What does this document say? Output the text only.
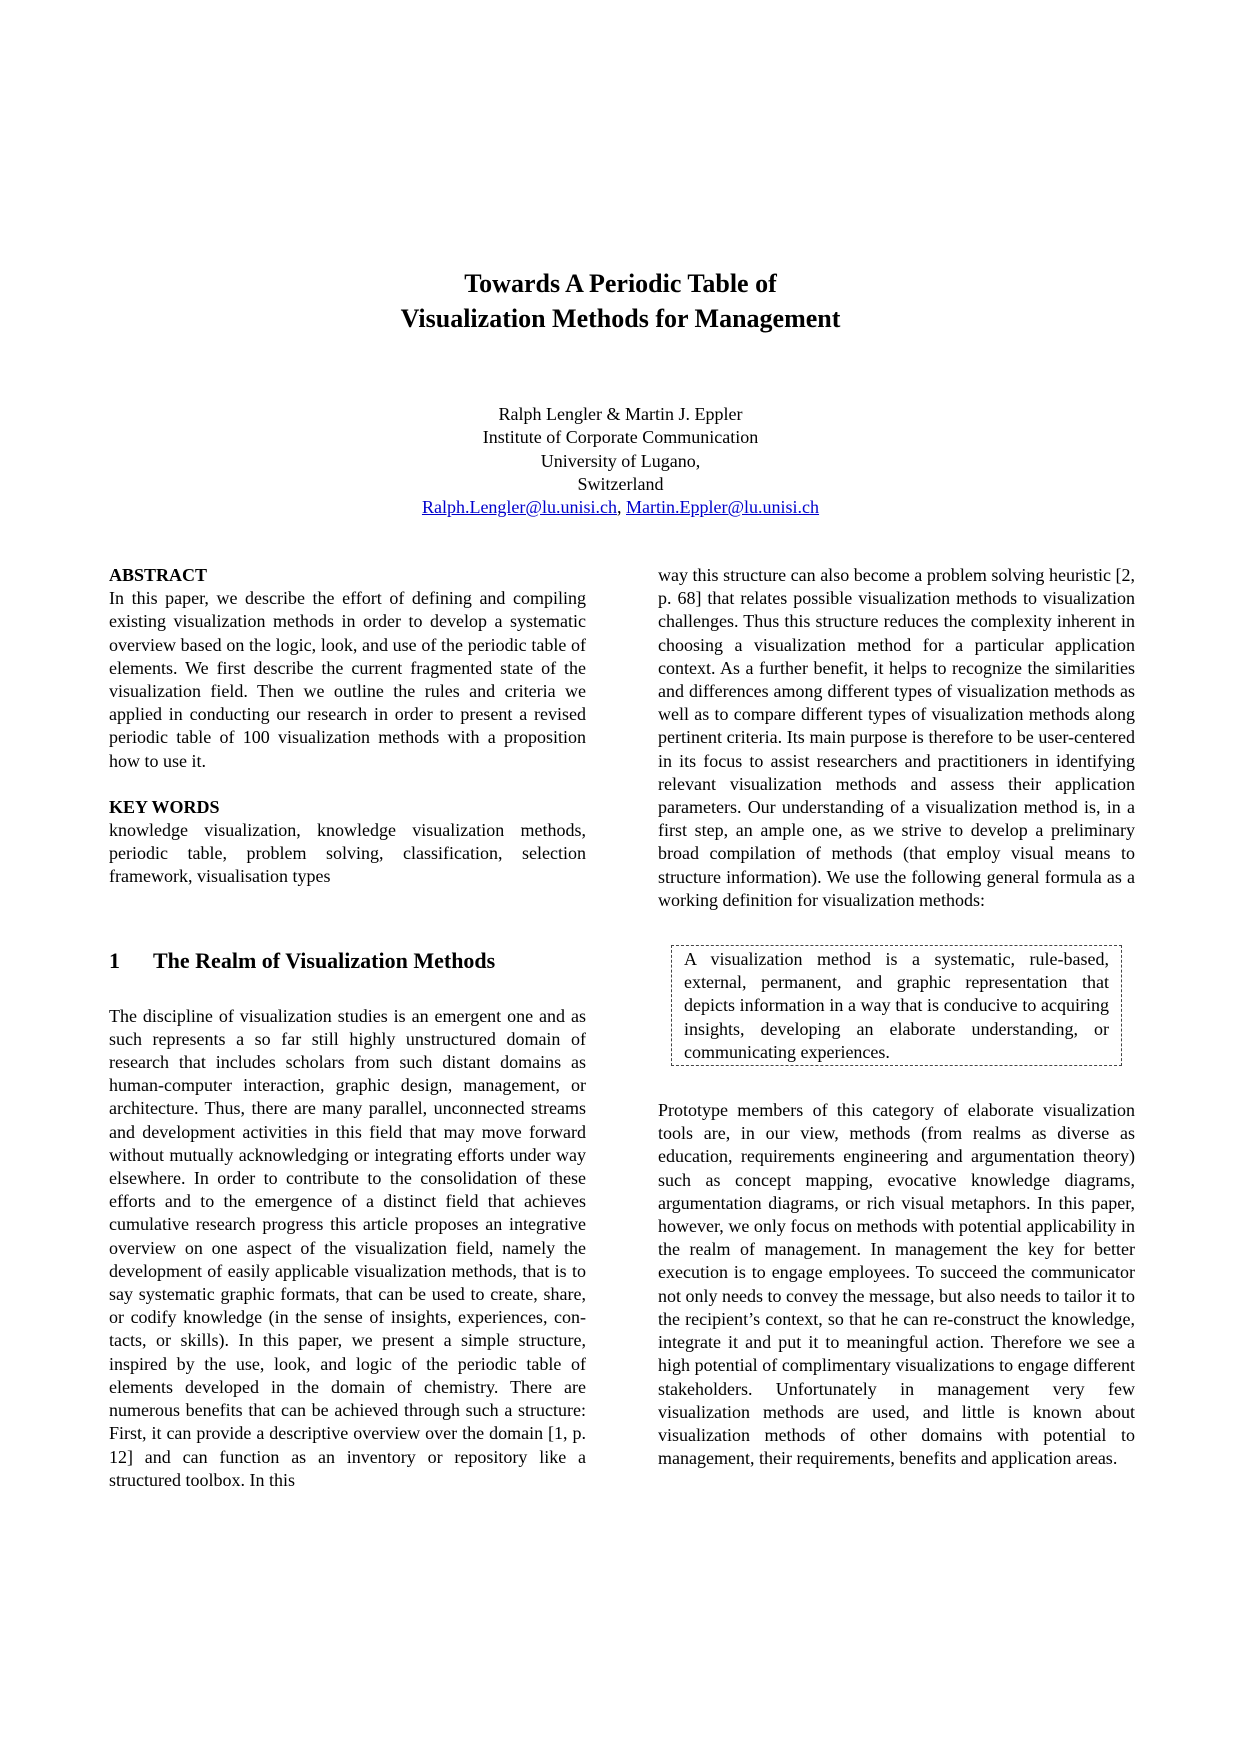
Towards A Periodic Table of
Visualization Methods for Management
Ralph Lengler & Martin J. Eppler
Institute of Corporate Communication
University of Lugano,
Switzerland
Ralph.Lengler@lu.unisi.ch, Martin.Eppler@lu.unisi.ch
ABSTRACT

In this paper, we describe the effort of defining and compiling existing visualization methods in order to develop a systematic overview based on the logic, look, and use of the periodic table of elements. We first describe the current fragmented state of the visualization field. Then we outline the rules and criteria we applied in conducting our research in order to present a revised periodic table of 100 visualization methods with a proposition how to use it.

KEY WORDS

knowledge visualization, knowledge visualization methods, periodic table, problem solving, classification, selection framework, visualisation types

1 The Realm of Visualization Methods

The discipline of visualization studies is an emergent one and as such represents a so far still highly unstructured domain of research that includes scholars from such distant domains as human-computer interaction, graphic design, management, or architecture. Thus, there are many parallel, unconnected streams and development activities in this field that may move forward without mutually acknowledging or integrating efforts under way elsewhere. In order to contribute to the consolidation of these efforts and to the emergence of a distinct field that achieves cumulative research progress this article proposes an integrative overview on one aspect of the visualization field, namely the development of easily applicable visualization methods, that is to say systematic graphic formats, that can be used to create, share, or codify knowledge (in the sense of insights, experiences, contacts, or skills). In this paper, we present a simple structure, inspired by the use, look, and logic of the periodic table of elements developed in the domain of chemistry. There are numerous benefits that can be achieved through such a structure: First, it can provide a descriptive overview over the domain [1, p. 12] and can function as an inventory or repository like a structured toolbox. In this

way this structure can also become a problem solving heuristic [2, p. 68] that relates possible visualization methods to visualization challenges. Thus this structure reduces the complexity inherent in choosing a visualization method for a particular application context. As a further benefit, it helps to recognize the similarities and differences among different types of visualization methods as well as to compare different types of visualization methods along pertinent criteria. Its main purpose is therefore to be user-centered in its focus to assist researchers and practitioners in identifying relevant visualization methods and assess their application parameters. Our understanding of a visualization method is, in a first step, an ample one, as we strive to develop a preliminary broad compilation of methods (that employ visual means to structure information). We use the following general formula as a working definition for visualization methods:

A visualization method is a systematic, rule-based, external, permanent, and graphic representation that depicts information in a way that is conducive to acquiring insights, developing an elaborate understanding, or communicating experiences.

Prototype members of this category of elaborate visualization tools are, in our view, methods (from realms as diverse as education, requirements engineering and argumentation theory) such as concept mapping, evocative knowledge diagrams, argumentation diagrams, or rich visual metaphors. In this paper, however, we only focus on methods with potential applicability in the realm of management. In management the key for better execution is to engage employees. To succeed the communicator not only needs to convey the message, but also needs to tailor it to the recipient’s context, so that he can re-construct the knowledge, integrate it and put it to meaningful action. Therefore we see a high potential of complimentary visualizations to engage different stakeholders. Unfortunately in management very few visualization methods are used, and little is known about visualization methods of other domains with potential to management, their requirements, benefits and application areas.
